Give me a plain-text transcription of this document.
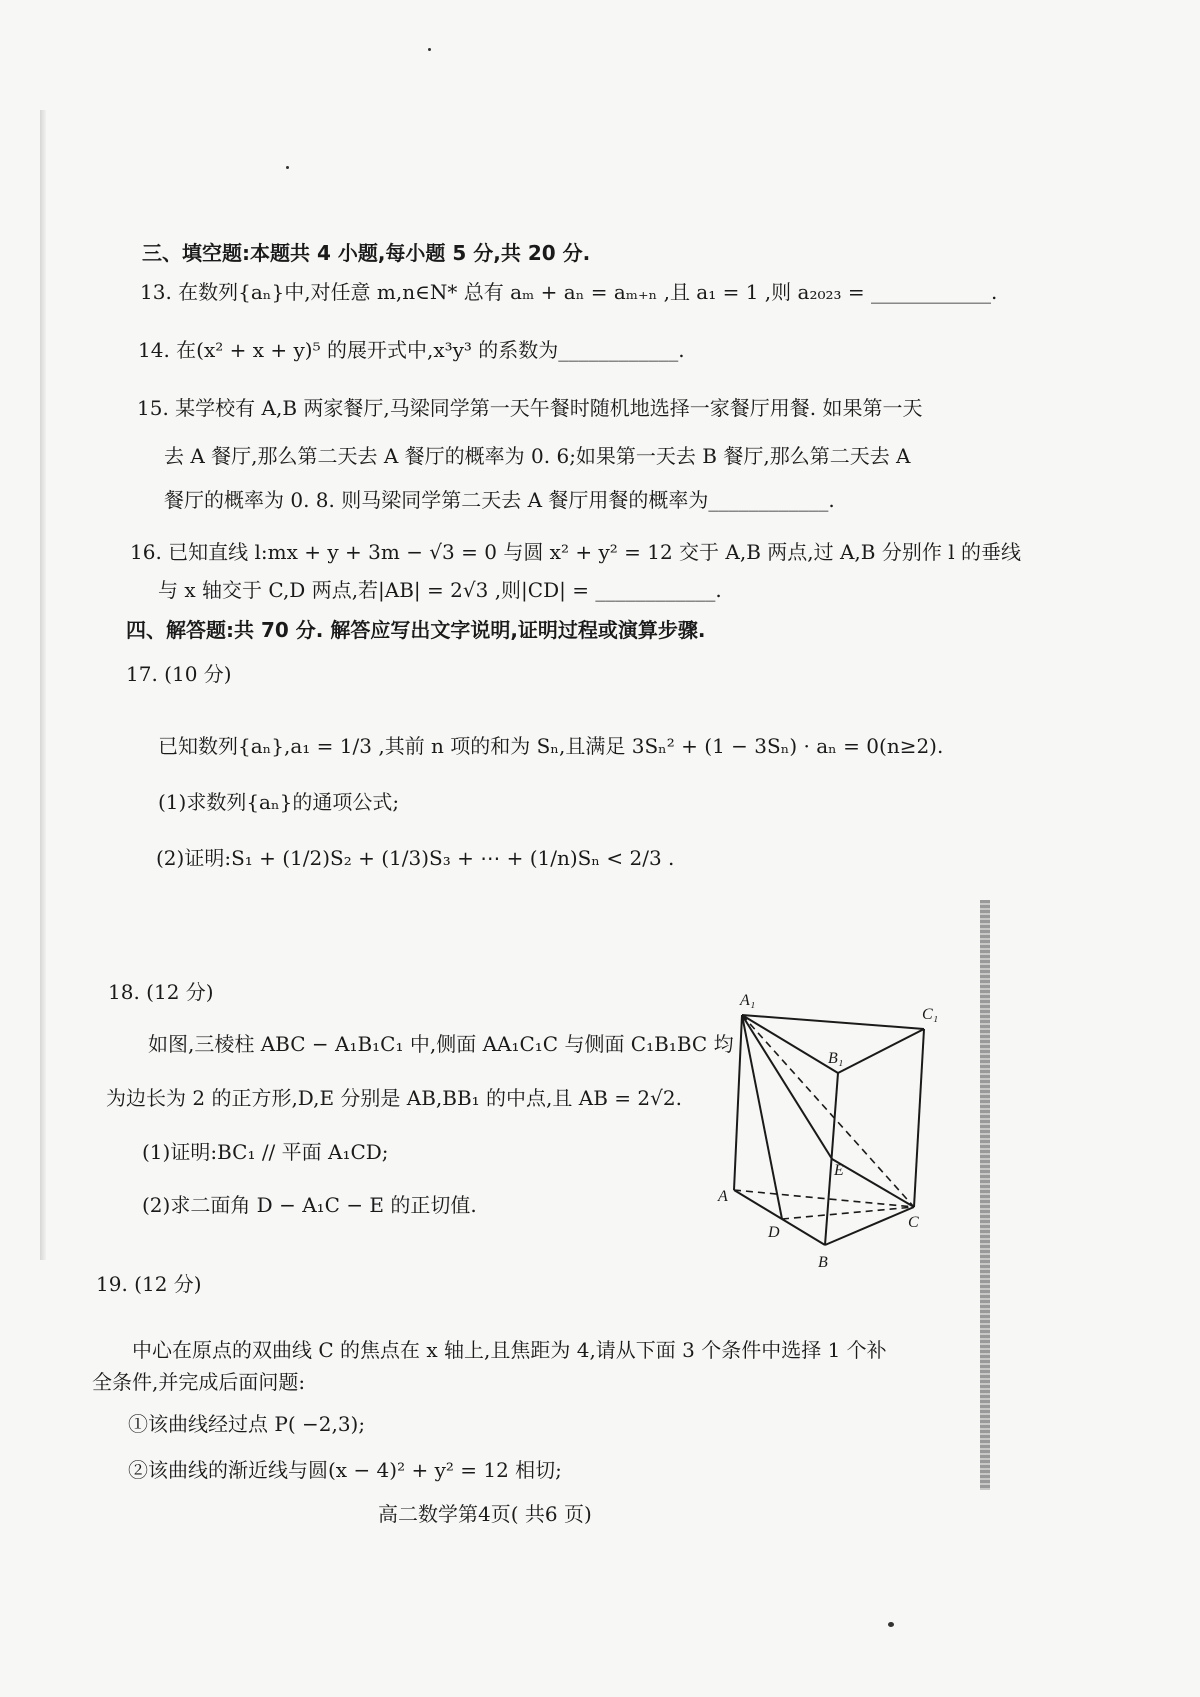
三、填空题:本题共 4 小题,每小题 5 分,共 20 分.
13. 在数列{aₙ}中,对任意 m,n∈N* 总有 aₘ + aₙ = aₘ₊ₙ ,且 a₁ = 1 ,则 a₂₀₂₃ = ____________.
14. 在(x² + x + y)⁵ 的展开式中,x³y³ 的系数为____________.
15. 某学校有 A,B 两家餐厅,马梁同学第一天午餐时随机地选择一家餐厅用餐. 如果第一天
去 A 餐厅,那么第二天去 A 餐厅的概率为 0. 6;如果第一天去 B 餐厅,那么第二天去 A
餐厅的概率为 0. 8. 则马梁同学第二天去 A 餐厅用餐的概率为____________.
16. 已知直线 l:mx + y + 3m − √3 = 0 与圆 x² + y² = 12 交于 A,B 两点,过 A,B 分别作 l 的垂线
与 x 轴交于 C,D 两点,若|AB| = 2√3 ,则|CD| = ____________.
四、解答题:共 70 分. 解答应写出文字说明,证明过程或演算步骤.
17. (10 分)
已知数列{aₙ},a₁ = 1/3 ,其前 n 项的和为 Sₙ,且满足 3Sₙ² + (1 − 3Sₙ) · aₙ = 0(n≥2).
(1)求数列{aₙ}的通项公式;
(2)证明:S₁ + (1/2)S₂ + (1/3)S₃ + ⋯ + (1/n)Sₙ < 2/3 .
18. (12 分)
如图,三棱柱 ABC − A₁B₁C₁ 中,侧面 AA₁C₁C 与侧面 C₁B₁BC 均
为边长为 2 的正方形,D,E 分别是 AB,BB₁ 的中点,且 AB = 2√2.
(1)证明:BC₁ // 平面 A₁CD;
(2)求二面角 D − A₁C − E 的正切值.
A₁
C₁
B₁
E
A
C
D
B
19. (12 分)
中心在原点的双曲线 C 的焦点在 x 轴上,且焦距为 4,请从下面 3 个条件中选择 1 个补
全条件,并完成后面问题:
①该曲线经过点 P( −2,3);
②该曲线的渐近线与圆(x − 4)² + y² = 12 相切;
高二数学第4页( 共6 页)
